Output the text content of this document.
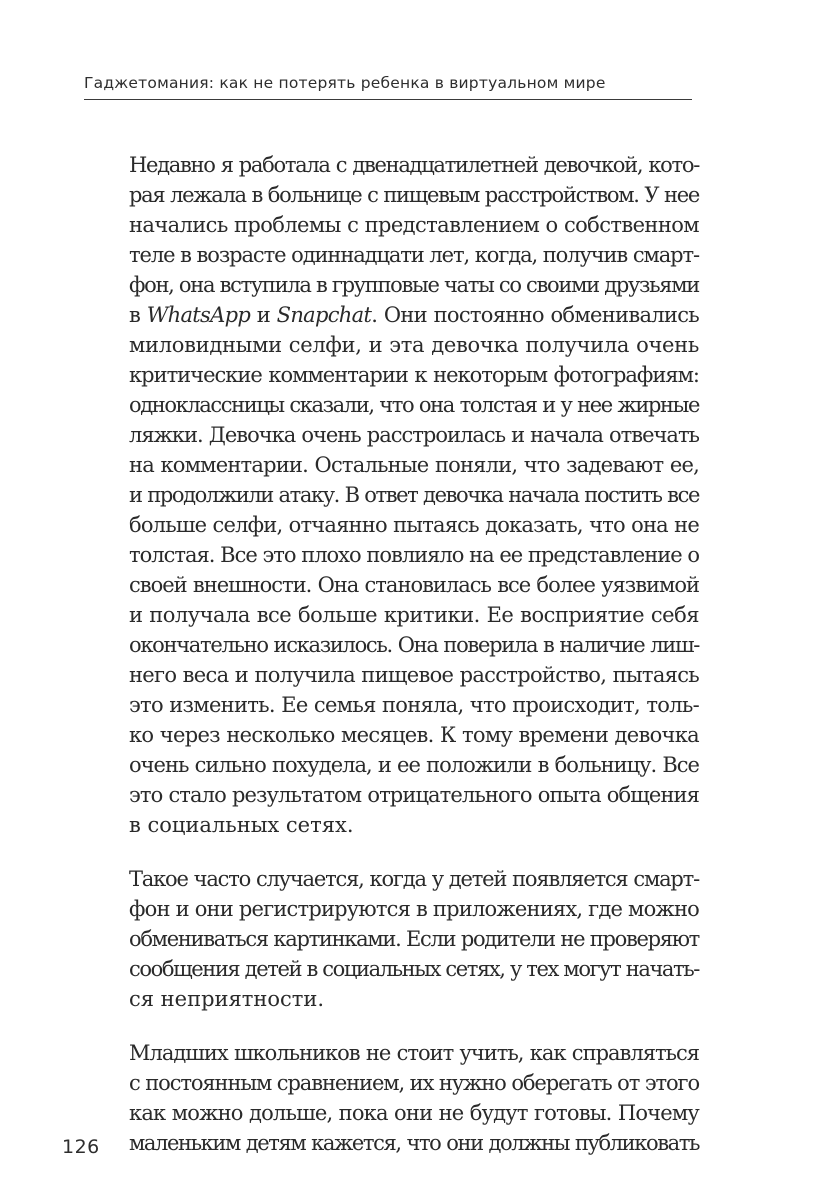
Гаджетомания: как не потерять ребенка в виртуальном мире
Недавно я работала с двенадцатилетней девочкой, кото-
рая лежала в больнице с пищевым расстройством. У нее
начались проблемы с представлением о собственном
теле в возрасте одиннадцати лет, когда, получив смарт-
фон, она вступила в групповые чаты со своими друзьями
в WhatsApp и Snapchat. Они постоянно обменивались
миловидными селфи, и эта девочка получила очень
критические комментарии к некоторым фотографиям:
одноклассницы сказали, что она толстая и у нее жирные
ляжки. Девочка очень расстроилась и начала отвечать
на комментарии. Остальные поняли, что задевают ее,
и продолжили атаку. В ответ девочка начала постить все
больше селфи, отчаянно пытаясь доказать, что она не
толстая. Все это плохо повлияло на ее представление о
своей внешности. Она становилась все более уязвимой
и получала все больше критики. Ее восприятие себя
окончательно исказилось. Она поверила в наличие лиш-
него веса и получила пищевое расстройство, пытаясь
это изменить. Ее семья поняла, что происходит, толь-
ко через несколько месяцев. К тому времени девочка
очень сильно похудела, и ее положили в больницу. Все
это стало результатом отрицательного опыта общения
в социальных сетях.
Такое часто случается, когда у детей появляется смарт-
фон и они регистрируются в приложениях, где можно
обмениваться картинками. Если родители не проверяют
сообщения детей в социальных сетях, у тех могут начать-
ся неприятности.
Младших школьников не стоит учить, как справляться
с постоянным сравнением, их нужно оберегать от этого
как можно дольше, пока они не будут готовы. Почему
маленьким детям кажется, что они должны публиковать
126
